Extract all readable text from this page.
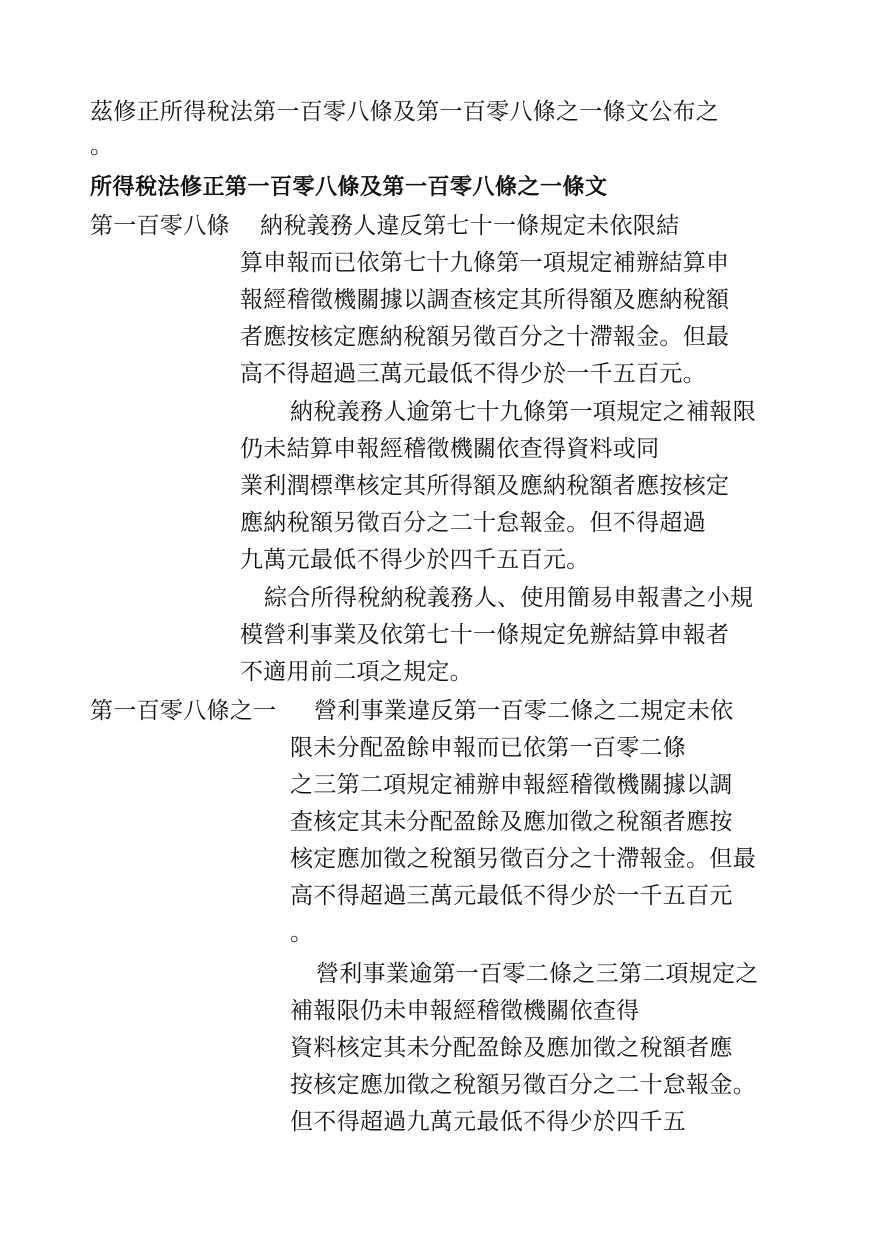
茲修正所得稅法第一百零八條及第一百零八條之一條文公布之
。
所得稅法修正第一百零八條及第一百零八條之一條文
第一百零八條 納稅義務人違反第七十一條規定未依限結
算申報而已依第七十九條第一項規定補辦結算申
報經稽徵機關據以調查核定其所得額及應納稅額
者應按核定應納稅額另徵百分之十滯報金。但最
高不得超過三萬元最低不得少於一千五百元。
納稅義務人逾第七十九條第一項規定之補報限
仍未結算申報經稽徵機關依查得資料或同
業利潤標準核定其所得額及應納稅額者應按核定
應納稅額另徵百分之二十怠報金。但不得超過
九萬元最低不得少於四千五百元。
綜合所得稅納稅義務人、使用簡易申報書之小規
模營利事業及依第七十一條規定免辦結算申報者
不適用前二項之規定。
第一百零八條之一 營利事業違反第一百零二條之二規定未依
限未分配盈餘申報而已依第一百零二條
之三第二項規定補辦申報經稽徵機關據以調
查核定其未分配盈餘及應加徵之稅額者應按
核定應加徵之稅額另徵百分之十滯報金。但最
高不得超過三萬元最低不得少於一千五百元
。
營利事業逾第一百零二條之三第二項規定之
補報限仍未申報經稽徵機關依查得
資料核定其未分配盈餘及應加徵之稅額者應
按核定應加徵之稅額另徵百分之二十怠報金。
但不得超過九萬元最低不得少於四千五
